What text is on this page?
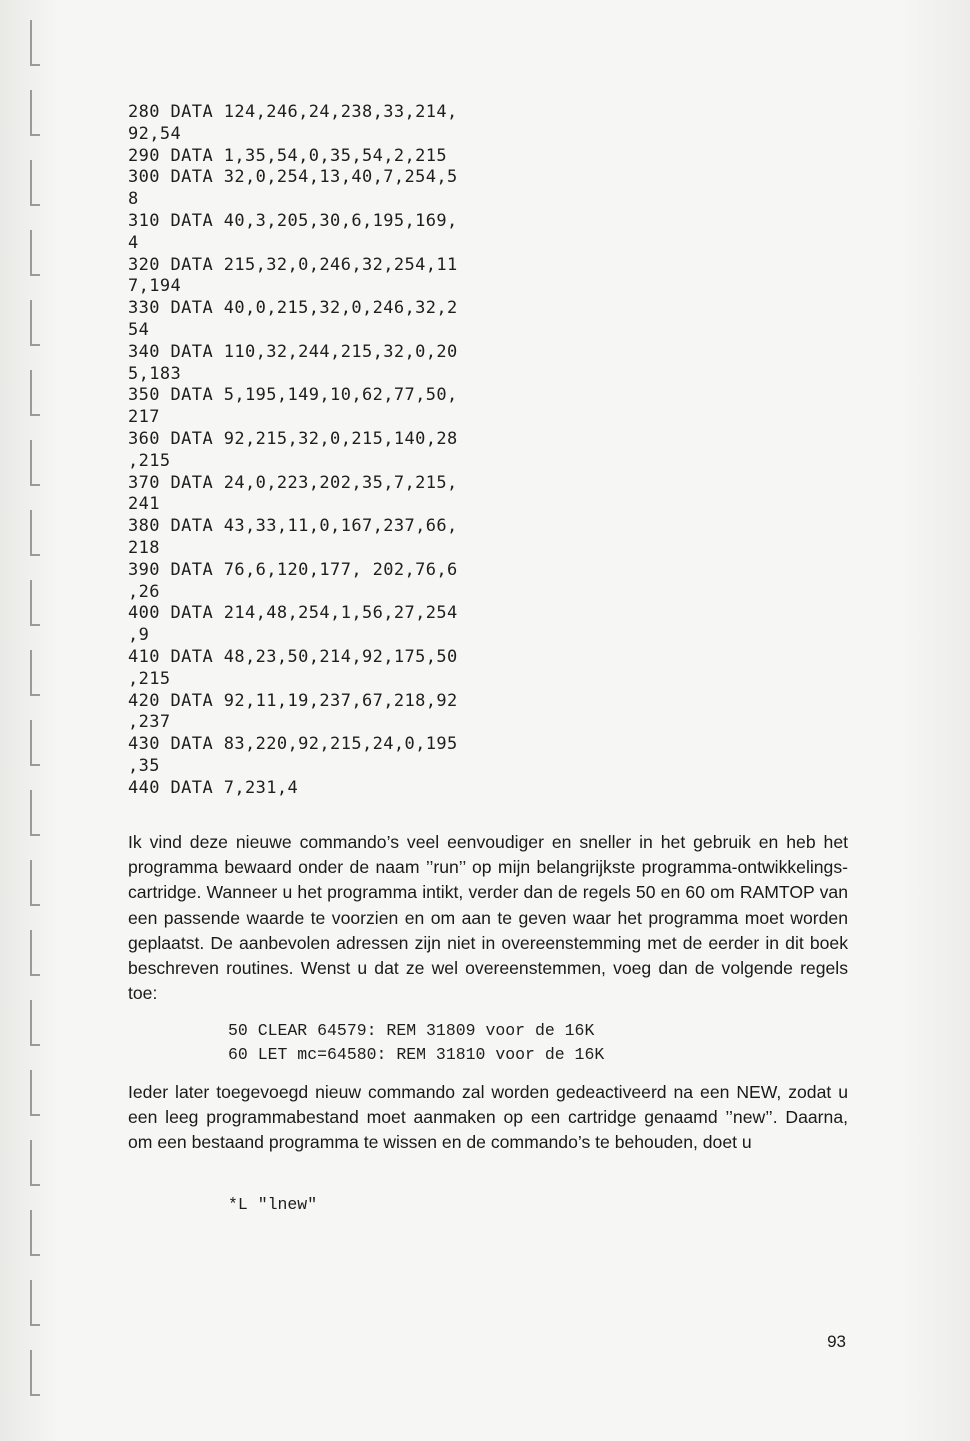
280 DATA 124,246,24,238,33,214,
92,54
290 DATA 1,35,54,0,35,54,2,215
300 DATA 32,0,254,13,40,7,254,5
8
310 DATA 40,3,205,30,6,195,169,
4
320 DATA 215,32,0,246,32,254,11
7,194
330 DATA 40,0,215,32,0,246,32,2
54
340 DATA 110,32,244,215,32,0,20
5,183
350 DATA 5,195,149,10,62,77,50,
217
360 DATA 92,215,32,0,215,140,28
,215
370 DATA 24,0,223,202,35,7,215,
241
380 DATA 43,33,11,0,167,237,66,
218
390 DATA 76,6,120,177, 202,76,6
,26
400 DATA 214,48,254,1,56,27,254
,9
410 DATA 48,23,50,214,92,175,50
,215
420 DATA 92,11,19,237,67,218,92
,237
430 DATA 83,220,92,215,24,0,195
,35
440 DATA 7,231,4
Ik vind deze nieuwe commando’s veel eenvoudiger en sneller in het gebruik en heb het programma bewaard onder de naam ’’run’’ op mijn belangrijkste programma-ontwikkelings-cartridge. Wanneer u het programma intikt, verder dan de regels 50 en 60 om RAMTOP van een passende waarde te voorzien en om aan te geven waar het programma moet worden geplaatst. De aanbevolen adressen zijn niet in overeenstemming met de eerder in dit boek beschreven routines. Wenst u dat ze wel overeenstemmen, voeg dan de volgende regels toe:
50 CLEAR 64579: REM 31809 voor de 16K
60 LET mc=64580: REM 31810 voor de 16K
Ieder later toegevoegd nieuw commando zal worden gedeactiveerd na een NEW, zodat u een leeg programmabestand moet aanmaken op een cartridge genaamd ’’new’’. Daarna, om een bestaand programma te wissen en de commando’s te behouden, doet u
*L "lnew"
93
